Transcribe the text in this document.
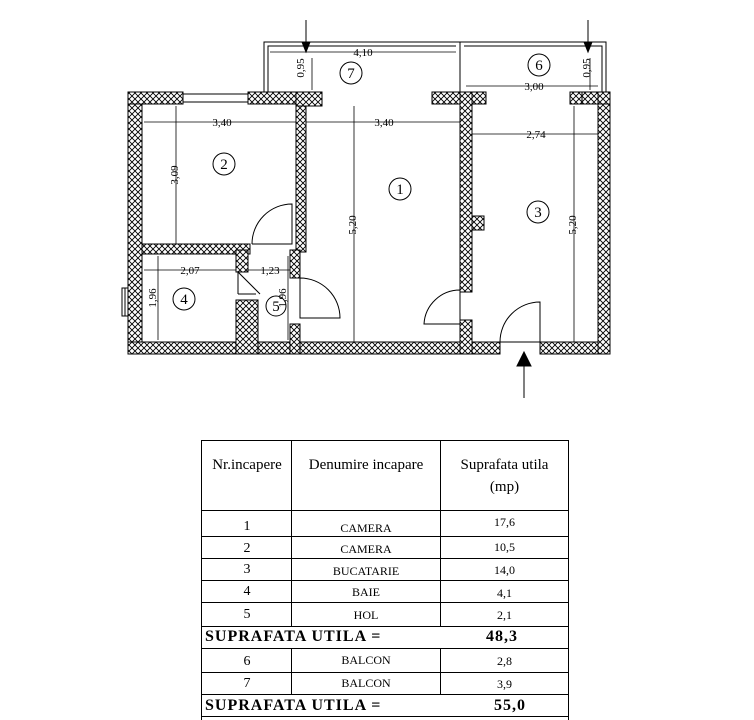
4,10
0,95
3,00
0,95
3,40	3,40
2,74
3,09
5,20	5,20
2,07	1,23
1,96	1,96
1
2
3
4	5
6
7
Nr.incapere	Denumire incapare	Suprafata utila
(mp)
1	CAMERA	17,6
2	CAMERA	10,5
3	BUCATARIE	14,0
4	BAIE	4,1
5	HOL	2,1
SUPRAFATA UTILA =	48,3
6	BALCON	2,8
7	BALCON	3,9
SUPRAFATA UTILA =	55,0
